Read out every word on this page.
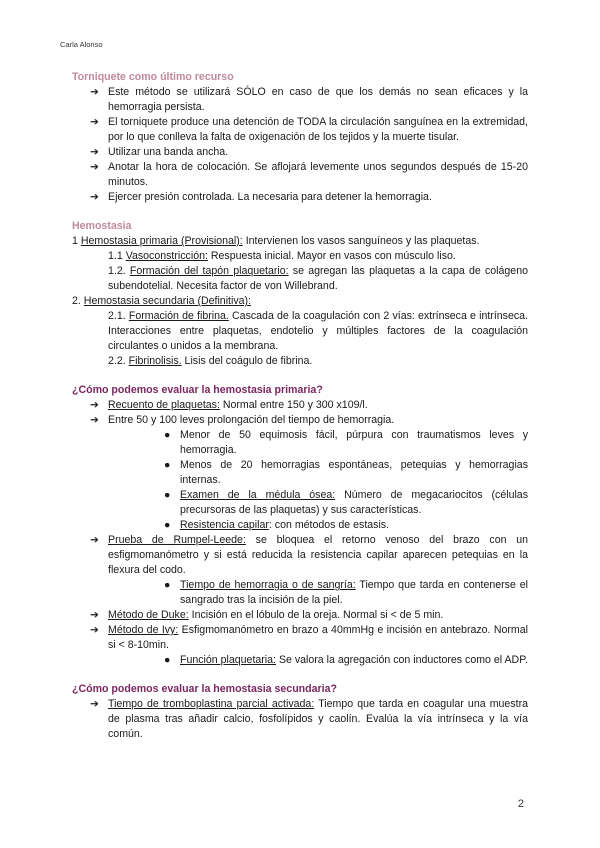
Carla Alonso

Torniquete como último recurso

➔ Este método se utilizará SÓLO en caso de que los demás no sean eficaces y la hemorragia persista.
➔ El torniquete produce una detención de TODA la circulación sanguínea en la extremidad, por lo que conlleva la falta de oxigenación de los tejidos y la muerte tisular.
➔ Utilizar una banda ancha.
➔ Anotar la hora de colocación. Se aflojará levemente unos segundos después de 15-20 minutos.
➔ Ejercer presión controlada. La necesaria para detener la hemorragia.

Hemostasia

1 Hemostasia primaria (Provisional): Intervienen los vasos sanguíneos y las plaquetas.
1.1 Vasoconstricción: Respuesta inicial. Mayor en vasos con músculo liso.
1.2. Formación del tapón plaquetario: se agregan las plaquetas a la capa de colágeno subendotelial. Necesita factor de von Willebrand.
2. Hemostasia secundaria (Definitiva):
2.1. Formación de fibrina. Cascada de la coagulación con 2 vías: extrínseca e intrínseca. Interacciones entre plaquetas, endotelio y múltiples factores de la coagulación circulantes o unidos a la membrana.
2.2. Fibrinolisis. Lisis del coágulo de fibrina.

¿Cómo podemos evaluar la hemostasia primaria?

➔ Recuento de plaquetas: Normal entre 150 y 300 x109/l.
➔ Entre 50 y 100 leves prolongación del tiempo de hemorragia.
● Menor de 50 equimosis fácil, púrpura con traumatismos leves y hemorragia.
● Menos de 20 hemorragias espontáneas, petequias y hemorragias internas.
● Examen de la médula ósea: Número de megacariocitos (células precursoras de las plaquetas) y sus características.
● Resistencia capilar: con métodos de estasis.
➔ Prueba de Rumpel-Leede: se bloquea el retorno venoso del brazo con un esfigmomanómetro y si está reducida la resistencia capilar aparecen petequias en la flexura del codo.
● Tiempo de hemorragia o de sangría: Tiempo que tarda en contenerse el sangrado tras la incisión de la piel.
➔ Método de Duke: Incisión en el lóbulo de la oreja. Normal si < de 5 min.
➔ Método de Ivy: Esfigmomanómetro en brazo a 40mmHg e incisión en antebrazo. Normal si < 8-10min.
● Función plaquetaria: Se valora la agregación con inductores como el ADP.

¿Cómo podemos evaluar la hemostasia secundaria?

➔ Tiempo de tromboplastina parcial activada: Tiempo que tarda en coagular una muestra de plasma tras añadir calcio, fosfolípidos y caolín. Evalúa la vía intrínseca y la vía común.
2
